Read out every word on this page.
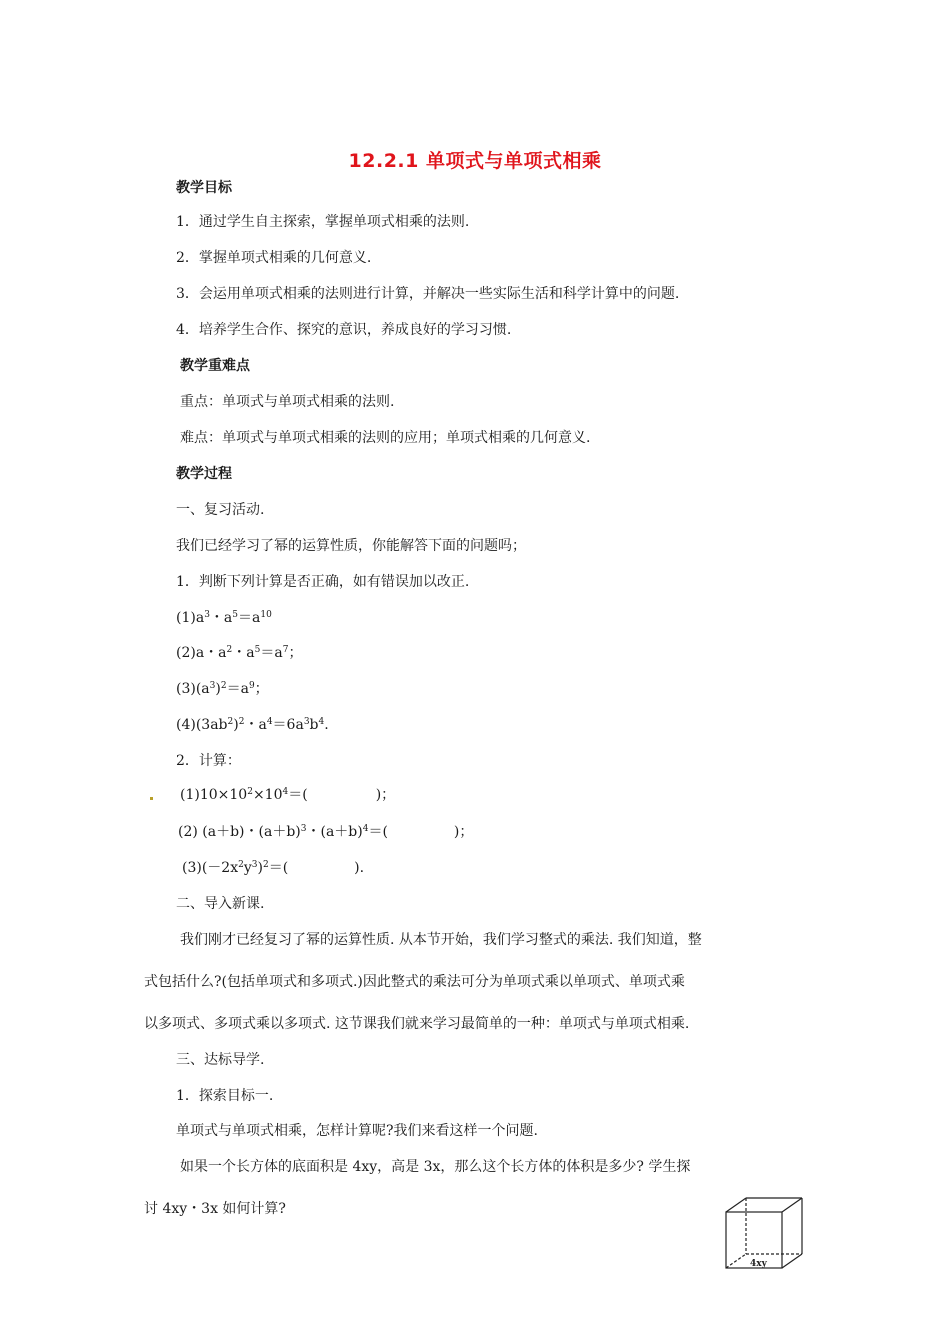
12.2.1 单项式与单项式相乘
教学目标
1．通过学生自主探索，掌握单项式相乘的法则.
2．掌握单项式相乘的几何意义.
3．会运用单项式相乘的法则进行计算，并解决一些实际生活和科学计算中的问题.
4．培养学生合作、探究的意识，养成良好的学习习惯.
教学重难点
重点：单项式与单项式相乘的法则.
难点：单项式与单项式相乘的法则的应用；单项式相乘的几何意义.
教学过程
一、复习活动.
我们已经学习了幂的运算性质，你能解答下面的问题吗；
1．判断下列计算是否正确，如有错误加以改正.
$(1)a^3$・$a^5=a^{10}$
(2)a・$a^2$・$a^5=a^7$；
$(3)(a^3)^2=a^9$；
$(4)(3ab^2)^2$・$a^4=6a^3b^4$.
2．计算：
$(1)10\times 10^2\times 10^4=$(	)；
(2) (a＋b)・$(a+b)^3$・$(a+b)^4=$(	)；
$(3)(-2x^2y^3)^2=$(	).
二、导入新课.
我们刚才已经复习了幂的运算性质. 从本节开始，我们学习整式的乘法. 我们知道，整
式包括什么?(包括单项式和多项式.)因此整式的乘法可分为单项式乘以单项式、单项式乘
以多项式、多项式乘以多项式. 这节课我们就来学习最简单的一种：单项式与单项式相乘.
三、达标导学.
1．探索目标一.
单项式与单项式相乘，怎样计算呢?我们来看这样一个问题.
如果一个长方体的底面积是 4xy，高是 3x，那么这个长方体的体积是多少? 学生探
讨 4xy・3x 如何计算?
4xy
